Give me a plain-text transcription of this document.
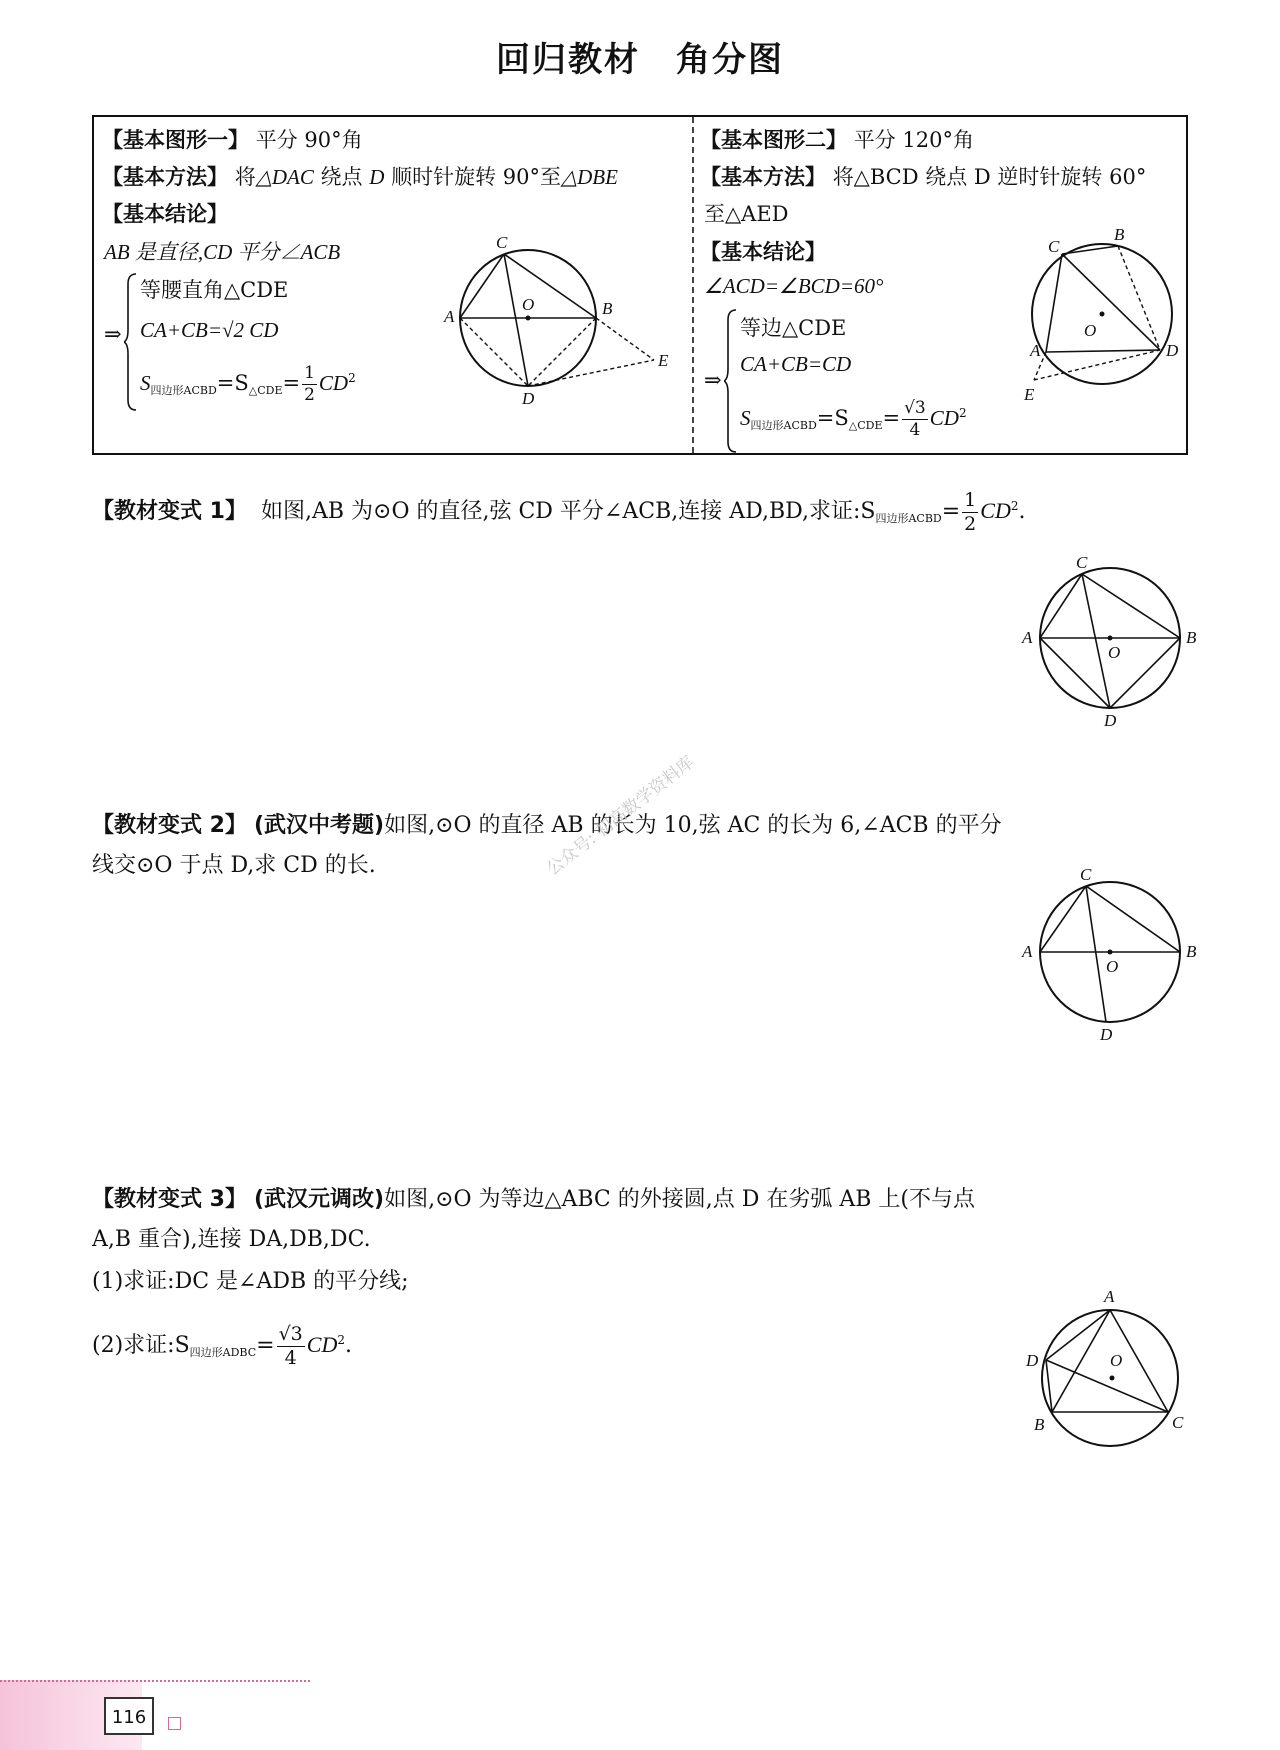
回归教材　角分图
【基本图形一】 平分 90°角
【基本方法】 将△DAC 绕点 D 顺时针旋转 90°至△DBE
【基本结论】
AB 是直径,CD 平分∠ACB
⇒
等腰直角△CDE
CA+CB=√2 CD
$S_{四边形ACBD}=S_{\triangle CDE}= \frac{1}{2} CD^2$
C
A	B
O
D
E
【基本图形二】 平分 120°角
【基本方法】 将△BCD 绕点 D 逆时针旋转 60°
至△AED
【基本结论】
∠ACD=∠BCD=60°
⇒
等边△CDE
CA+CB=CD
$S_{四边形ACBD}=S_{\triangle CDE}= \frac{√3}{4} CD^2$
C
B
O
A	D
E
【教材变式 1】 如图,AB 为⊙O 的直径,弦 CD 平分∠ACB,连接 AD,BD,求证$:S_{四边形ACBD}= \frac{1}{2} CD^2$.
C
A	B
O
D
【教材变式 2】 (武汉中考题)如图,⊙O 的直径 AB 的长为 10,弦 AC 的长为 6,∠ACB 的平分
线交⊙O 于点 D,求 CD 的长.	C
A	B
O
D
公众号: 初高数学资料库
【教材变式 3】 (武汉元调改)如图,⊙O 为等边△ABC 的外接圆,点 D 在劣弧 AB 上(不与点
A,B 重合),连接 DA,DB,DC.
(1)求证:DC 是∠ADB 的平分线;
(2)求证$:S_{四边形ADBC}= \frac{√3}{4} CD^2$.
A
D	O
B	C
116
